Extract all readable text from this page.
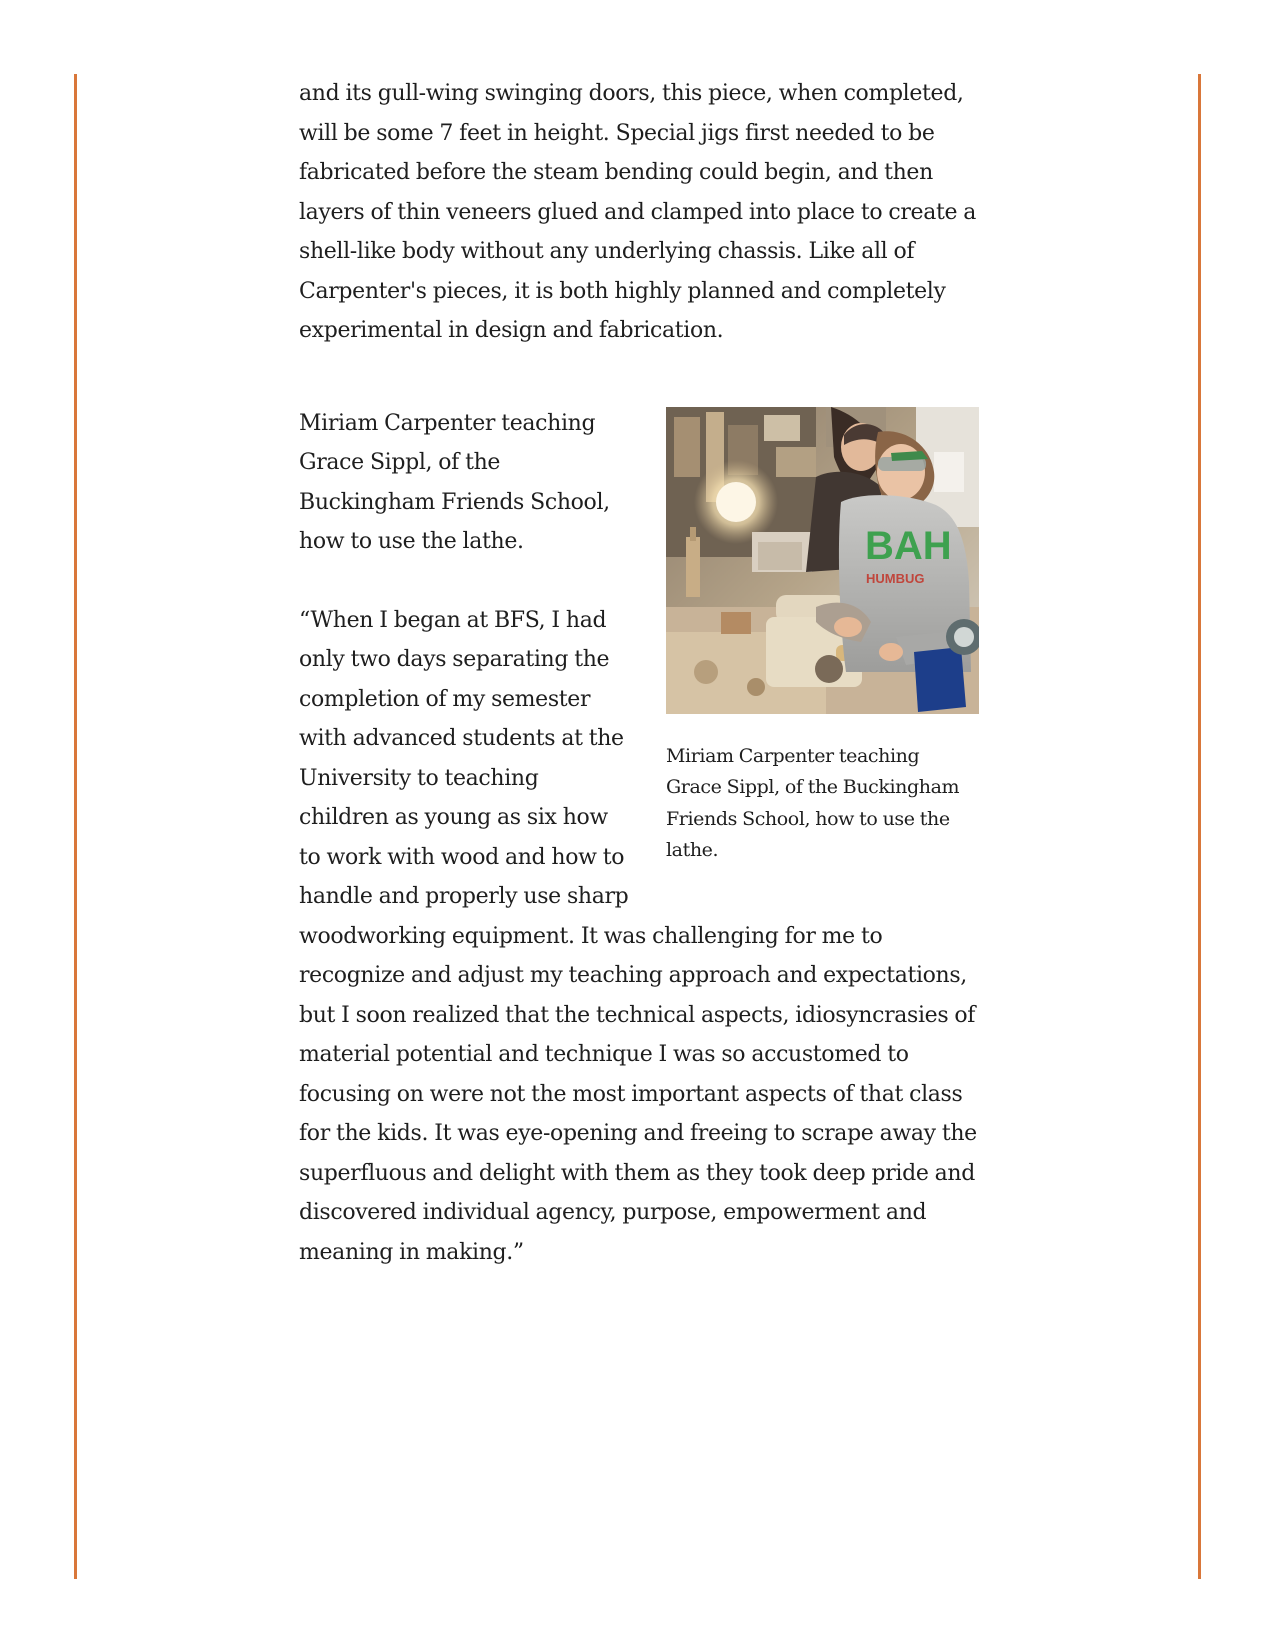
and its gull-wing swinging doors, this piece, when completed, will be some 7 feet in height. Special jigs first needed to be fabricated before the steam bending could begin, and then layers of thin veneers glued and clamped into place to create a shell-like body without any underlying chassis. Like all of Carpenter's pieces, it is both highly planned and completely experimental in design and fabrication.

BAH
HUMBUG

Miriam Carpenter teaching Grace Sippl, of the Buckingham Friends School, how to use the lathe.

Miriam Carpenter teaching Grace Sippl, of the Buckingham Friends School, how to use the lathe.

“When I began at BFS, I had only two days separating the completion of my semester with advanced students at the University to teaching children as young as six how to work with wood and how to handle and properly use sharp woodworking equipment. It was challenging for me to recognize and adjust my teaching approach and expectations, but I soon realized that the technical aspects, idiosyncrasies of material potential and technique I was so accustomed to focusing on were not the most important aspects of that class for the kids. It was eye-opening and freeing to scrape away the superfluous and delight with them as they took deep pride and discovered individual agency, purpose, empowerment and meaning in making.”
